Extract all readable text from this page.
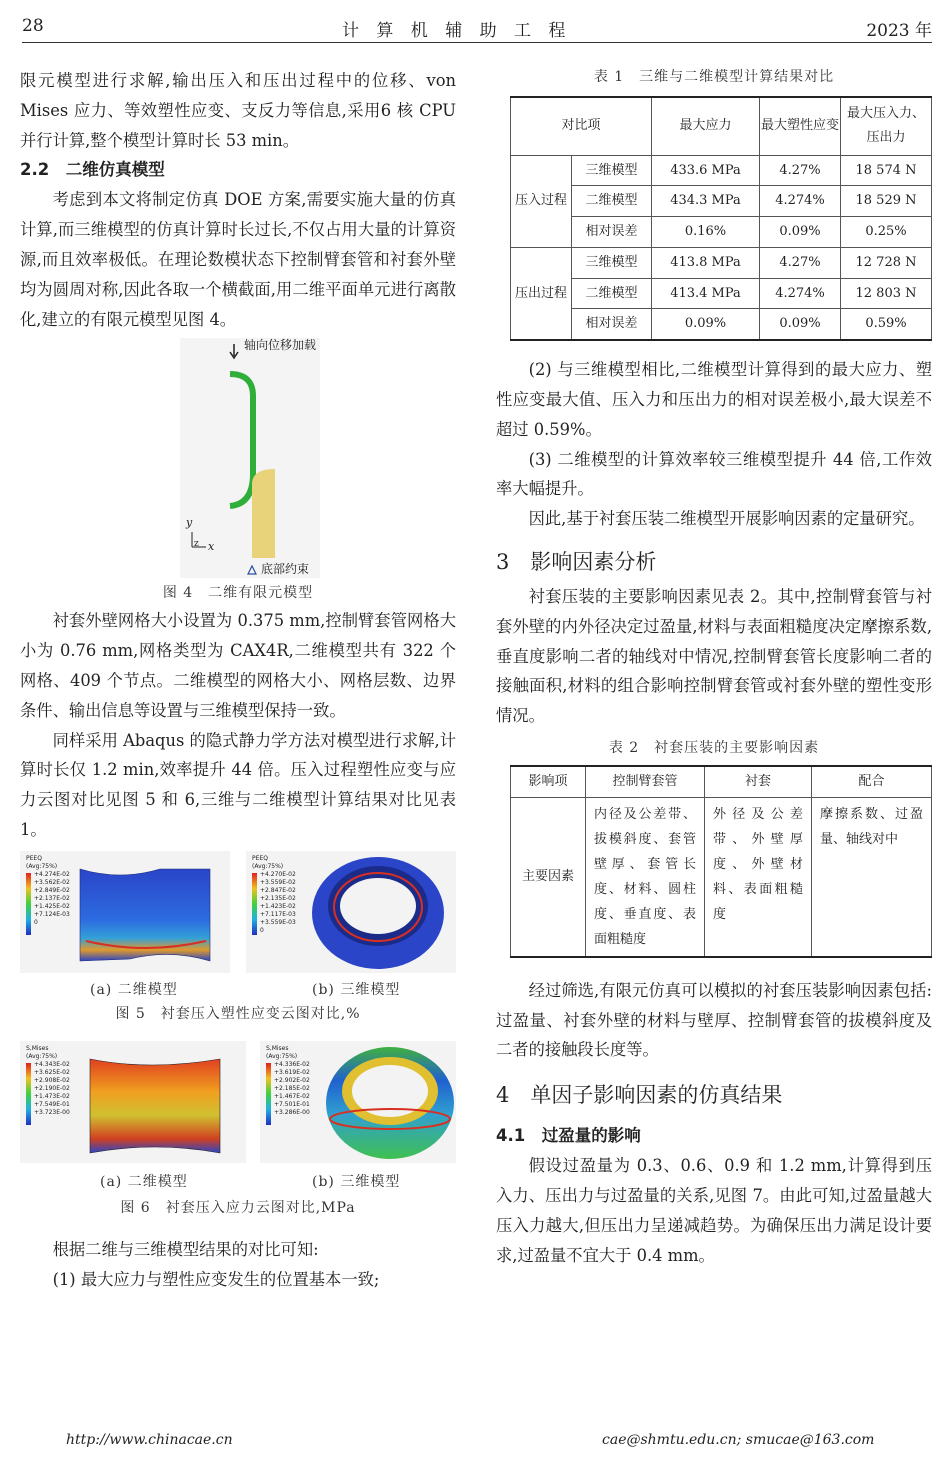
28	计 算 机 辅 助 工 程	2023 年

限元模型进行求解,输出压入和压出过程中的位移、von Mises 应力、等效塑性应变、支反力等信息,采用6 核 CPU 并行计算,整个模型计算时长 53 min。

2.2　二维仿真模型

考虑到本文将制定仿真 DOE 方案,需要实施大量的仿真计算,而三维模型的仿真计算时长过长,不仅占用大量的计算资源,而且效率极低。在理论数模状态下控制臂套管和衬套外壁均为圆周对称,因此各取一个横截面,用二维平面单元进行离散化,建立的有限元模型见图 4。

轴向位移加载
y
z x
底部约束
图 4　二维有限元模型

衬套外壁网格大小设置为 0.375 mm,控制臂套管网格大小为 0.76 mm,网格类型为 CAX4R,二维模型共有 322 个网格、409 个节点。二维模型的网格大小、网格层数、边界条件、输出信息等设置与三维模型保持一致。

同样采用 Abaqus 的隐式静力学方法对模型进行求解,计算时长仅 1.2 min,效率提升 44 倍。压入过程塑性应变与应力云图对比见图 5 和 6,三维与二维模型计算结果对比见表 1。

PEEQ
(Avg:75%)
+4.274E-02
+3.562E-02
+2.849E-02
+2.137E-02
+1.425E-02
+7.124E-03
0
PEEQ
(Avg:75%)
+4.270E-02
+3.559E-02
+2.847E-02
+2.135E-02
+1.423E-02
+7.117E-03
+3.559E-03
0
(a) 二维模型	(b) 三维模型
图 5　衬套压入塑性应变云图对比,%
S,Mises
(Avg:75%)
+4.343E-02
+3.625E-02
+2.908E-02
+2.190E-02
+1.473E-02
+7.549E-01
+3.723E-00
S,Mises
(Avg:75%)
+4.336E-02
+3.619E-02
+2.902E-02
+2.185E-02
+1.467E-02
+7.501E-01
+3.286E-00
(a) 二维模型	(b) 三维模型
图 6　衬套压入应力云图对比,MPa

根据二维与三维模型结果的对比可知:

(1) 最大应力与塑性应变发生的位置基本一致;

表 1　三维与二维模型计算结果对比
对比项		最大应力	最大塑性应变	最大压入力、压出力
压入过程	三维模型	433.6 MPa	4.27%	18 574 N
	二维模型	434.3 MPa	4.274%	18 529 N
	相对误差	0.16%	0.09%	0.25%
压出过程	三维模型	413.8 MPa	4.27%	12 728 N
	二维模型	413.4 MPa	4.274%	12 803 N
	相对误差	0.09%	0.09%	0.59%

(2) 与三维模型相比,二维模型计算得到的最大应力、塑性应变最大值、压入力和压出力的相对误差极小,最大误差不超过 0.59%。

(3) 二维模型的计算效率较三维模型提升 44 倍,工作效率大幅提升。

因此,基于衬套压装二维模型开展影响因素的定量研究。

3　影响因素分析

衬套压装的主要影响因素见表 2。其中,控制臂套管与衬套外壁的内外径决定过盈量,材料与表面粗糙度决定摩擦系数,垂直度影响二者的轴线对中情况,控制臂套管长度影响二者的接触面积,材料的组合影响控制臂套管或衬套外壁的塑性变形情况。

表 2　衬套压装的主要影响因素
影响项	控制臂套管	衬套	配合
主要因素	内径及公差带、拔模斜度、套管壁厚、套管长度、材料、圆柱度、垂直度、表面粗糙度	外径及公差带、外壁厚度、外壁材料、表面粗糙度	摩擦系数、过盈量、轴线对中

经过筛选,有限元仿真可以模拟的衬套压装影响因素包括:过盈量、衬套外壁的材料与壁厚、控制臂套管的拔模斜度及二者的接触段长度等。

4　单因子影响因素的仿真结果
4.1　过盈量的影响

假设过盈量为 0.3、0.6、0.9 和 1.2 mm,计算得到压入力、压出力与过盈量的关系,见图 7。由此可知,过盈量越大压入力越大,但压出力呈递减趋势。为确保压出力满足设计要求,过盈量不宜大于 0.4 mm。

http://www.chinacae.cn	cae@shmtu.edu.cn; smucae@163.com
